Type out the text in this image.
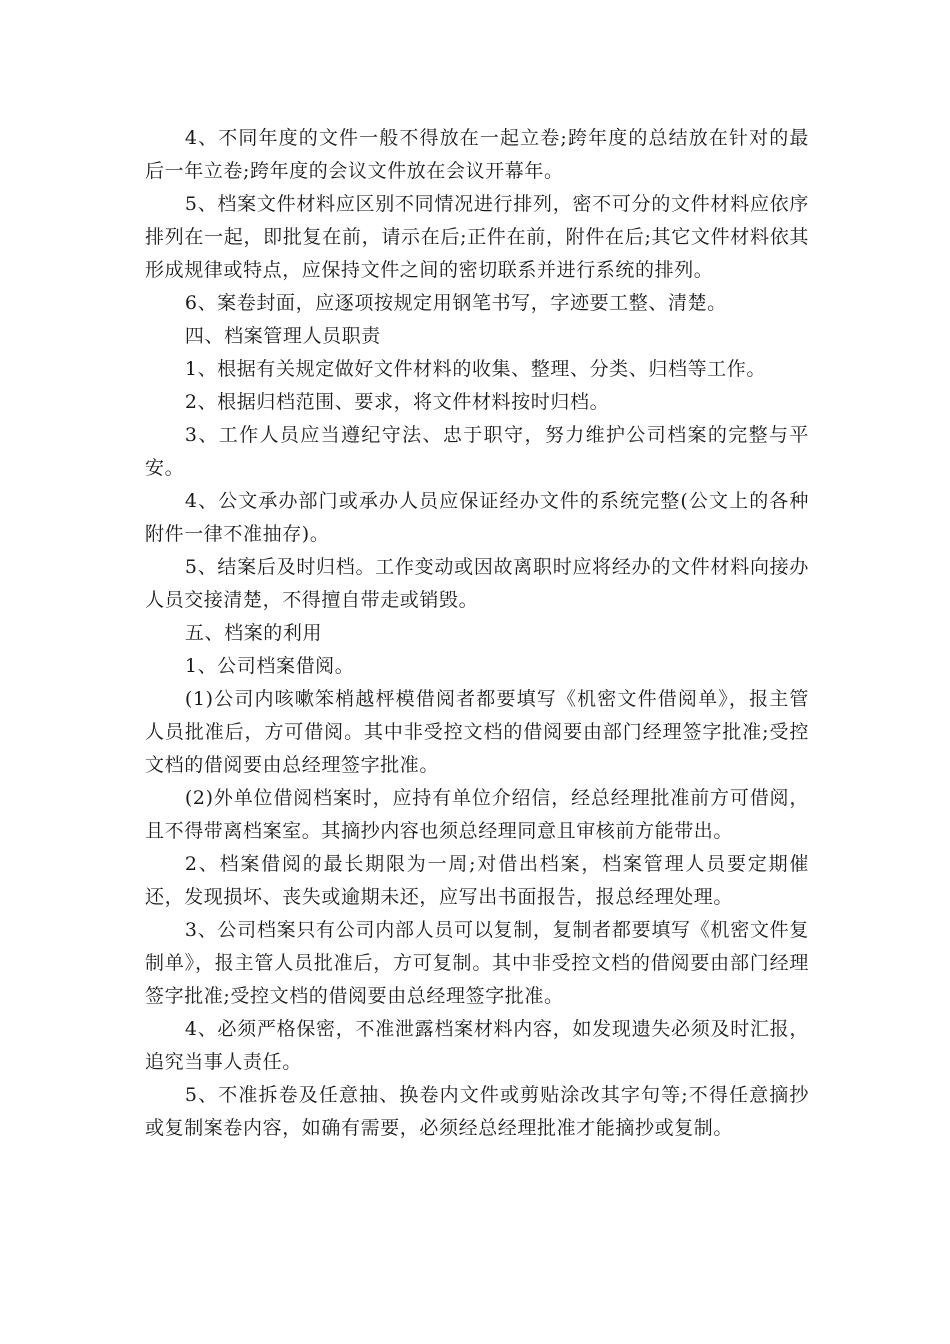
4、不同年度的文件一般不得放在一起立卷;跨年度的总结放在针对的最后一年立卷;跨年度的会议文件放在会议开幕年。

5、档案文件材料应区别不同情况进行排列，密不可分的文件材料应依序排列在一起，即批复在前，请示在后;正件在前，附件在后;其它文件材料依其形成规律或特点，应保持文件之间的密切联系并进行系统的排列。

6、案卷封面，应逐项按规定用钢笔书写，字迹要工整、清楚。

四、档案管理人员职责

1、根据有关规定做好文件材料的收集、整理、分类、归档等工作。

2、根据归档范围、要求，将文件材料按时归档。

3、工作人员应当遵纪守法、忠于职守，努力维护公司档案的完整与平安。

4、公文承办部门或承办人员应保证经办文件的系统完整(公文上的各种附件一律不准抽存)。

5、结案后及时归档。工作变动或因故离职时应将经办的文件材料向接办人员交接清楚，不得擅自带走或销毁。

五、档案的利用

1、公司档案借阅。

(1)公司内咳嗽笨梢越枰模借阅者都要填写《机密文件借阅单》，报主管人员批准后，方可借阅。其中非受控文档的借阅要由部门经理签字批准;受控文档的借阅要由总经理签字批准。

(2)外单位借阅档案时，应持有单位介绍信，经总经理批准前方可借阅，且不得带离档案室。其摘抄内容也须总经理同意且审核前方能带出。

2、档案借阅的最长期限为一周;对借出档案，档案管理人员要定期催还，发现损坏、丧失或逾期未还，应写出书面报告，报总经理处理。

3、公司档案只有公司内部人员可以复制，复制者都要填写《机密文件复制单》，报主管人员批准后，方可复制。其中非受控文档的借阅要由部门经理签字批准;受控文档的借阅要由总经理签字批准。

4、必须严格保密，不准泄露档案材料内容，如发现遗失必须及时汇报，追究当事人责任。

5、不准拆卷及任意抽、换卷内文件或剪贴涂改其字句等;不得任意摘抄或复制案卷内容，如确有需要，必须经总经理批准才能摘抄或复制。
